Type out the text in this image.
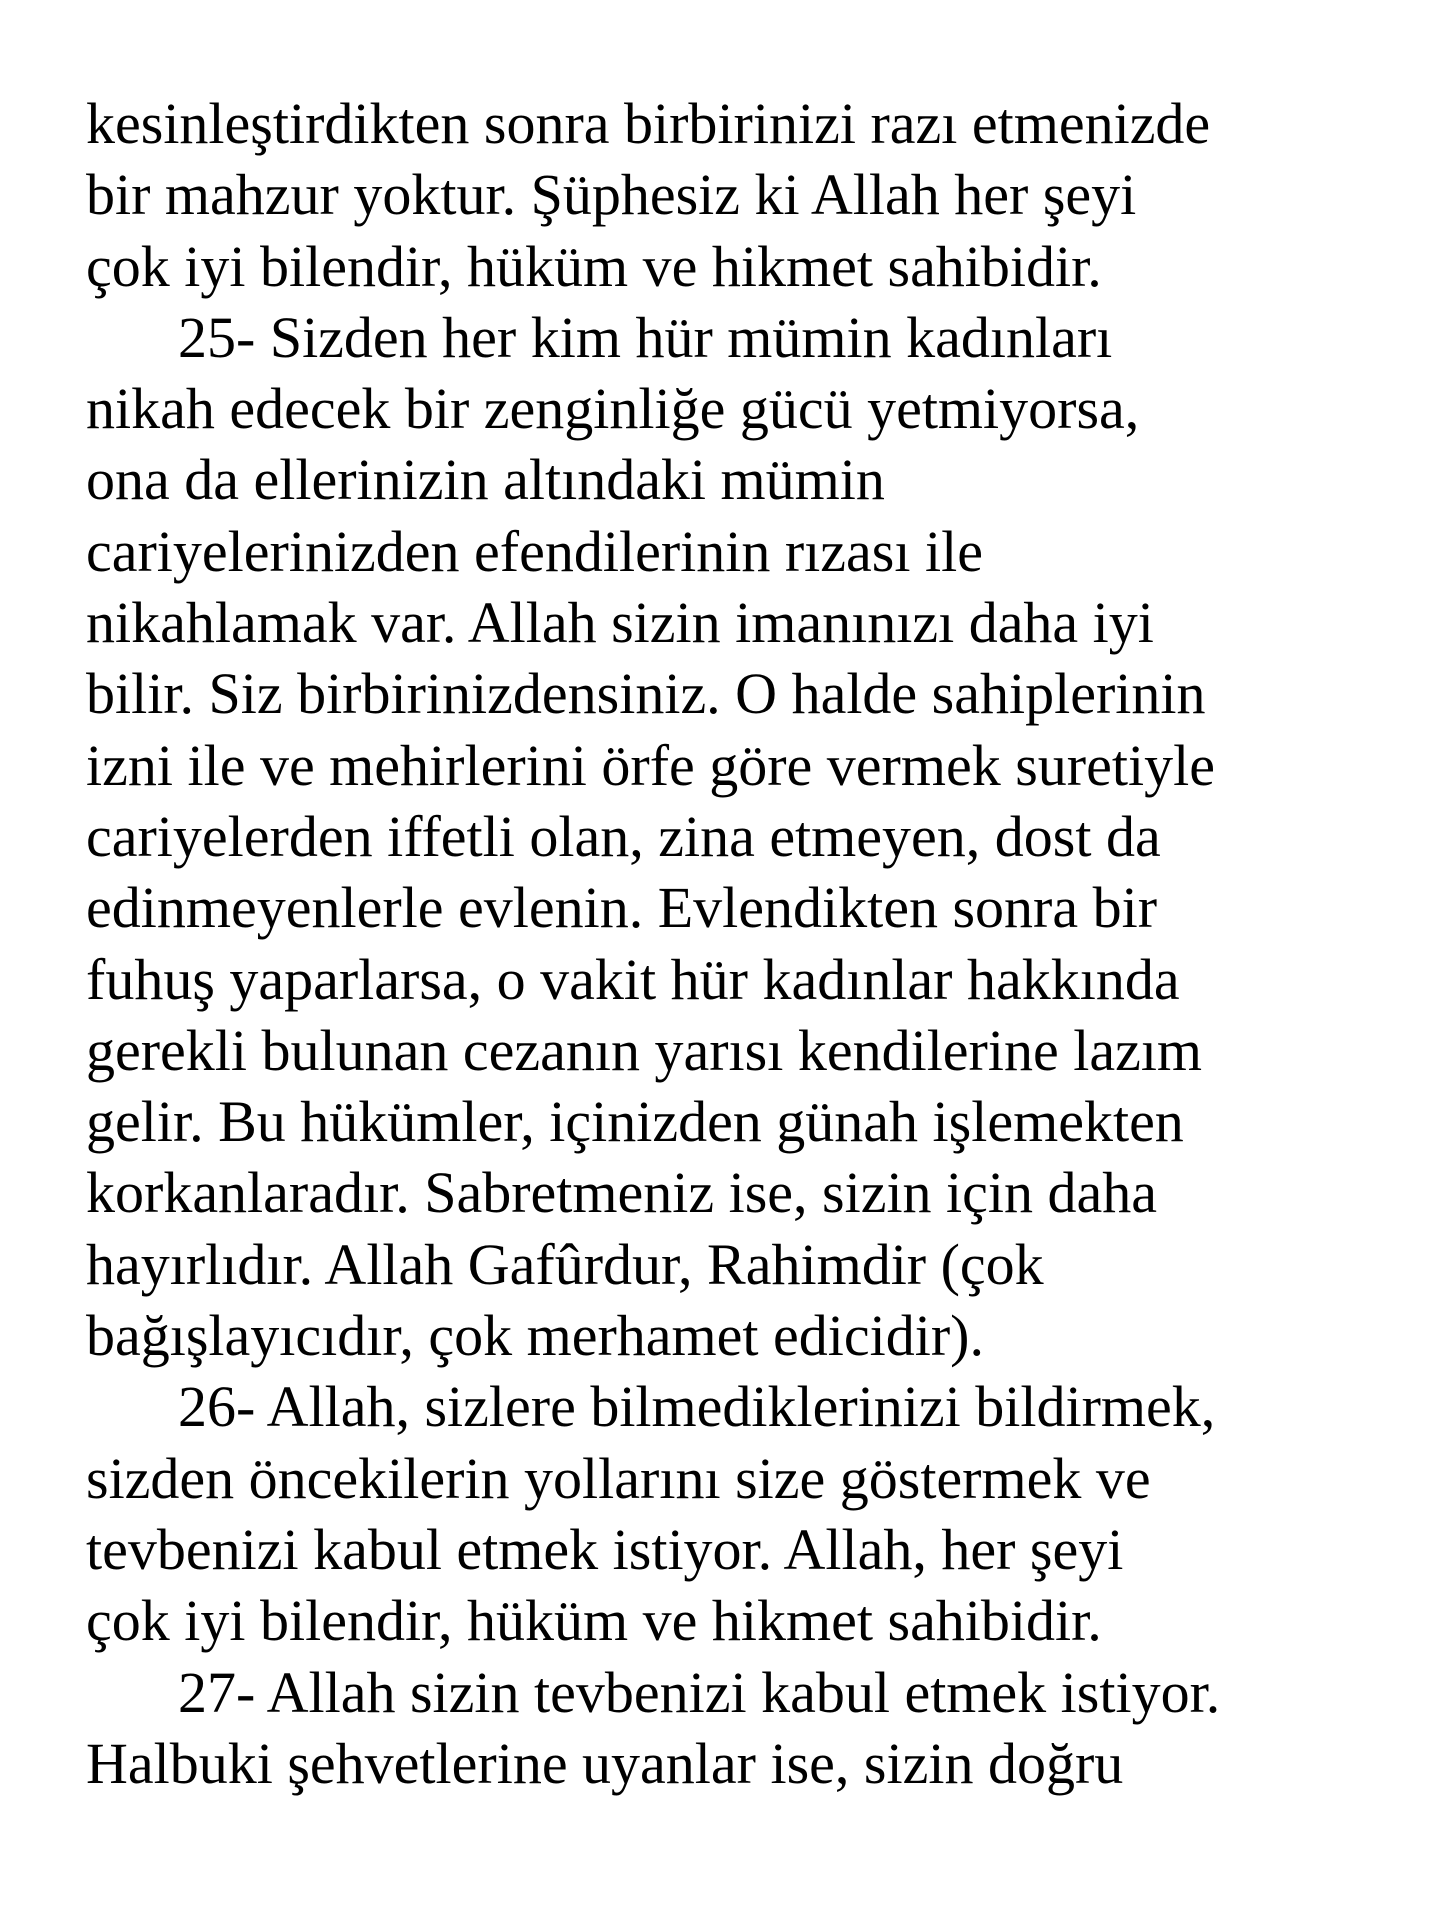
kesinleştirdikten sonra birbirinizi razı etmenizde
bir mahzur yoktur. Şüphesiz ki Allah her şeyi
çok iyi bilendir, hüküm ve hikmet sahibidir.
25- Sizden her kim hür mümin kadınları
nikah edecek bir zenginliğe gücü yetmiyorsa,
ona da ellerinizin altındaki mümin
cariyelerinizden efendilerinin rızası ile
nikahlamak var. Allah sizin imanınızı daha iyi
bilir. Siz birbirinizdensiniz. O halde sahiplerinin
izni ile ve mehirlerini örfe göre vermek suretiyle
cariyelerden iffetli olan, zina etmeyen, dost da
edinmeyenlerle evlenin. Evlendikten sonra bir
fuhuş yaparlarsa, o vakit hür kadınlar hakkında
gerekli bulunan cezanın yarısı kendilerine lazım
gelir. Bu hükümler, içinizden günah işlemekten
korkanlaradır. Sabretmeniz ise, sizin için daha
hayırlıdır. Allah Gafûrdur, Rahimdir (çok
bağışlayıcıdır, çok merhamet edicidir).
26- Allah, sizlere bilmediklerinizi bildirmek,
sizden öncekilerin yollarını size göstermek ve
tevbenizi kabul etmek istiyor. Allah, her şeyi
çok iyi bilendir, hüküm ve hikmet sahibidir.
27- Allah sizin tevbenizi kabul etmek istiyor.
Halbuki şehvetlerine uyanlar ise, sizin doğru
